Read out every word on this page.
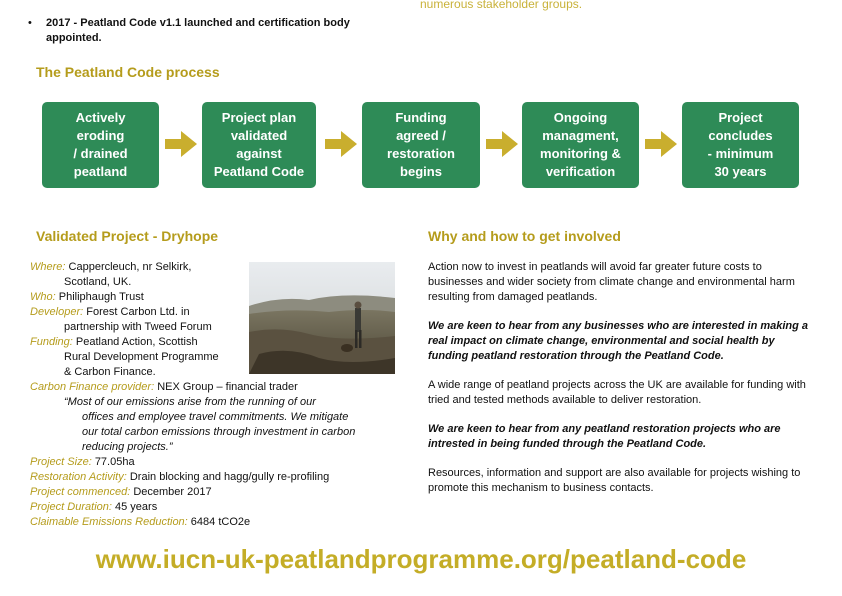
numerous stakeholder groups.
•	2017 - Peatland Code v1.1 launched and certification body
appointed.
The Peatland Code process
Actively
eroding
/ drained
peatland
Project plan
validated
against
Peatland Code
Funding
agreed /
restoration
begins
Ongoing
managment,
monitoring &
verification
Project
concludes
- minimum
30 years
Validated Project - Dryhope	Why and how to get involved
Where: Cappercleuch, nr Selkirk,
Scotland, UK.
Who: Philiphaugh Trust
Developer: Forest Carbon Ltd. in
partnership with Tweed Forum
Funding: Peatland Action, Scottish
Rural Development Programme
& Carbon Finance.
Carbon Finance provider: NEX Group – financial trader
“Most of our emissions arise from the running of our
offices and employee travel commitments. We mitigate
our total carbon emissions through investment in carbon
reducing projects.”
Project Size: 77.05ha
Restoration Activity: Drain blocking and hagg/gully re-profiling
Project commenced: December 2017
Project Duration: 45 years
Claimable Emissions Reduction: 6484 tCO2e

Action now to invest in peatlands will avoid far greater future costs to businesses and wider society from climate change and environmental harm resulting from damaged peatlands.

We are keen to hear from any businesses who are interested in making a real impact on climate change, environmental and social health by funding peatland restoration through the Peatland Code.

A wide range of peatland projects across the UK are available for funding with tried and tested methods available to deliver restoration.

We are keen to hear from any peatland restoration projects who are intrested in being funded through the Peatland Code.

Resources, information and support are also available for projects wishing to promote this mechanism to business contacts.

www.iucn-uk-peatlandprogramme.org/peatland-code
